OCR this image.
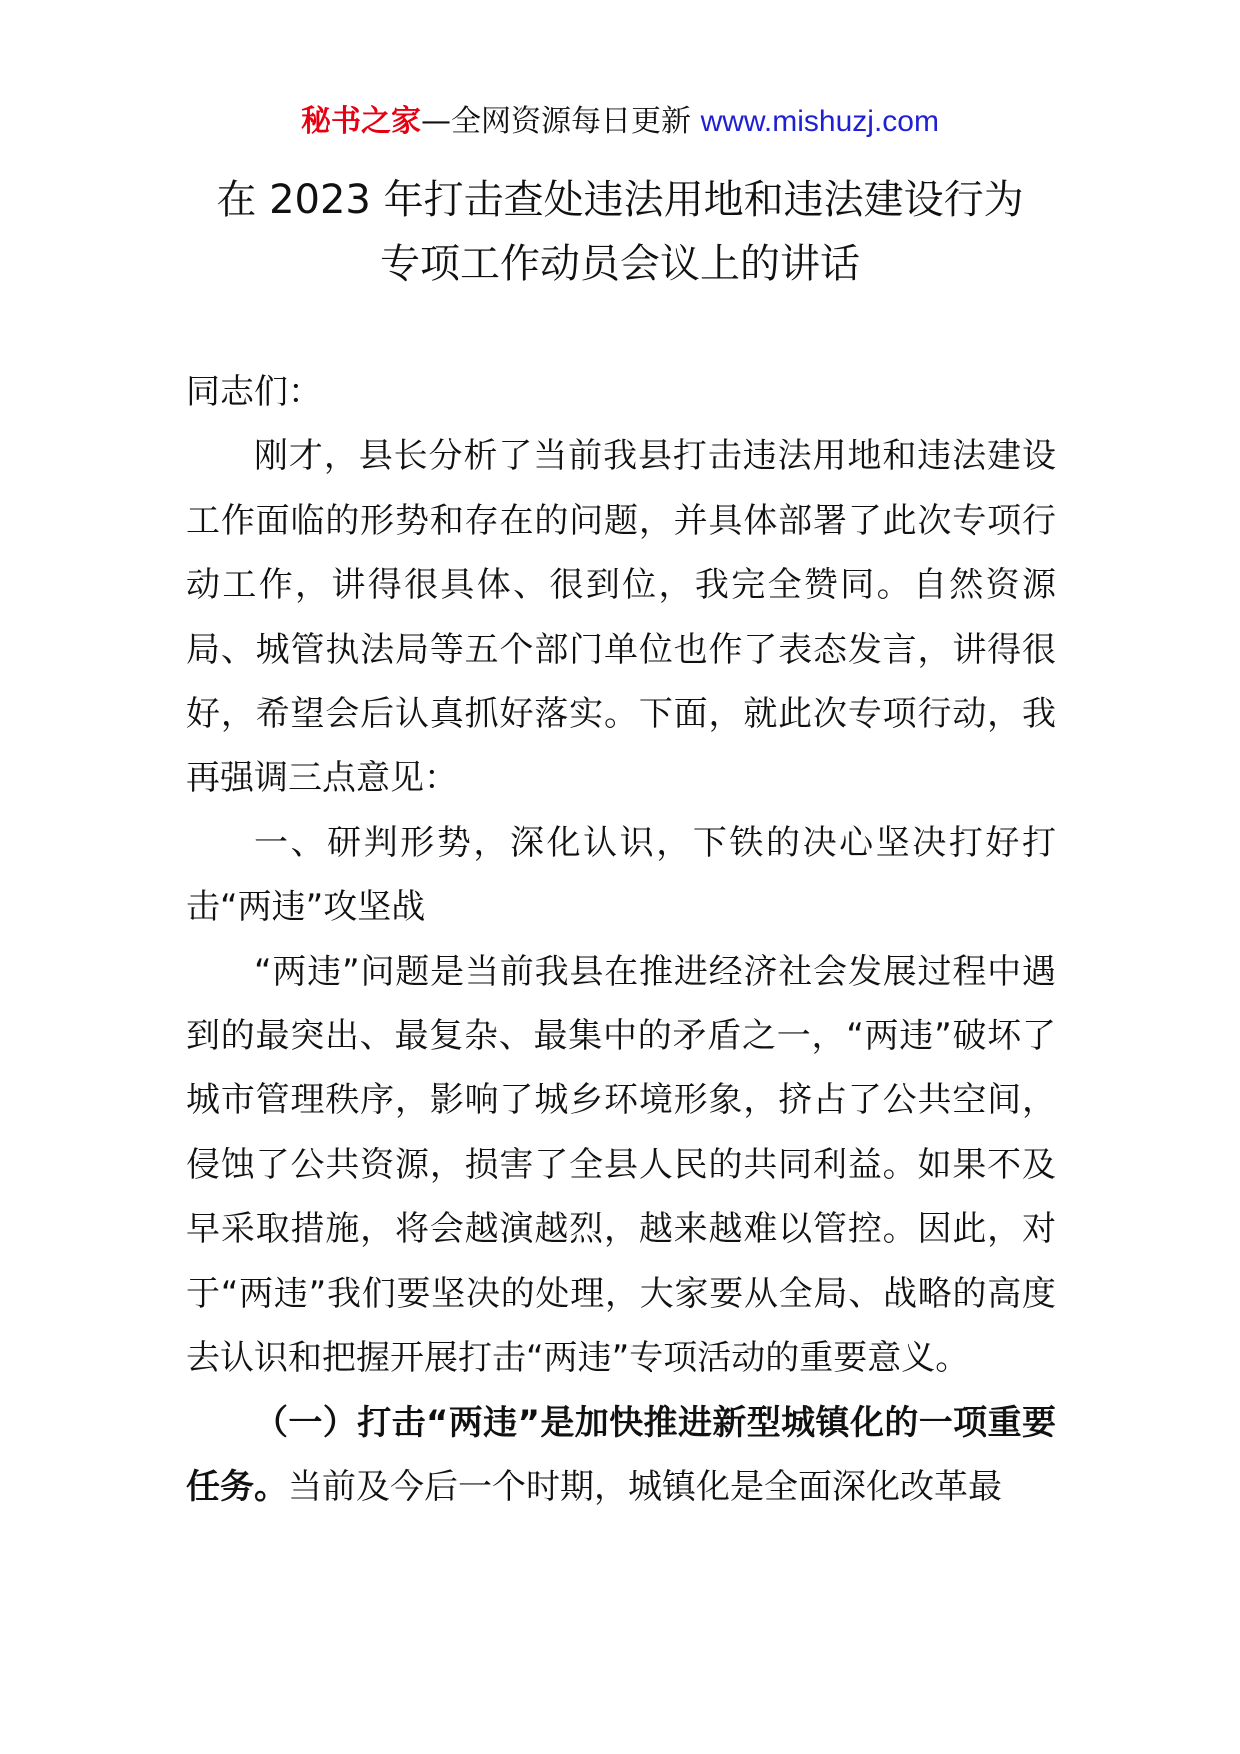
秘书之家—全网资源每日更新 www.mishuzj.com
在 2023 年打击查处违法用地和违法建设行为
专项工作动员会议上的讲话

同志们：

刚才，县长分析了当前我县打击违法用地和违法建设工作面临的形势和存在的问题，并具体部署了此次专项行动工作，讲得很具体、很到位，我完全赞同。自然资源局、城管执法局等五个部门单位也作了表态发言，讲得很好，希望会后认真抓好落实。下面，就此次专项行动，我再强调三点意见：

一、研判形势，深化认识，下铁的决心坚决打好打击“两违”攻坚战

“两违”问题是当前我县在推进经济社会发展过程中遇到的最突出、最复杂、最集中的矛盾之一，“两违”破坏了城市管理秩序，影响了城乡环境形象，挤占了公共空间，侵蚀了公共资源，损害了全县人民的共同利益。如果不及早采取措施，将会越演越烈，越来越难以管控。因此，对于“两违”我们要坚决的处理，大家要从全局、战略的高度去认识和把握开展打击“两违”专项活动的重要意义。

（一）打击“两违”是加快推进新型城镇化的一项重要任务。当前及今后一个时期，城镇化是全面深化改革最
